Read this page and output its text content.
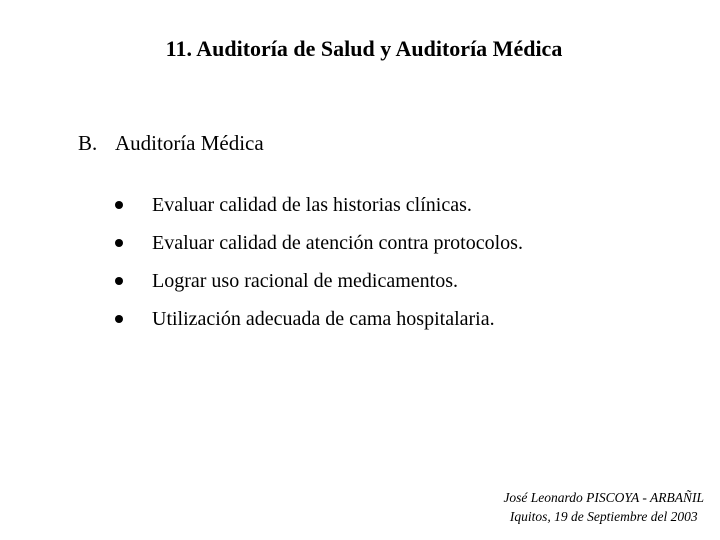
11. Auditoría de Salud y Auditoría Médica
B. Auditoría Médica
Evaluar calidad de las historias clínicas.
Evaluar calidad de atención contra protocolos.
Lograr uso racional de medicamentos.
Utilización adecuada de cama hospitalaria.
José Leonardo PISCOYA - ARBAÑIL
Iquitos, 19 de Septiembre del 2003
